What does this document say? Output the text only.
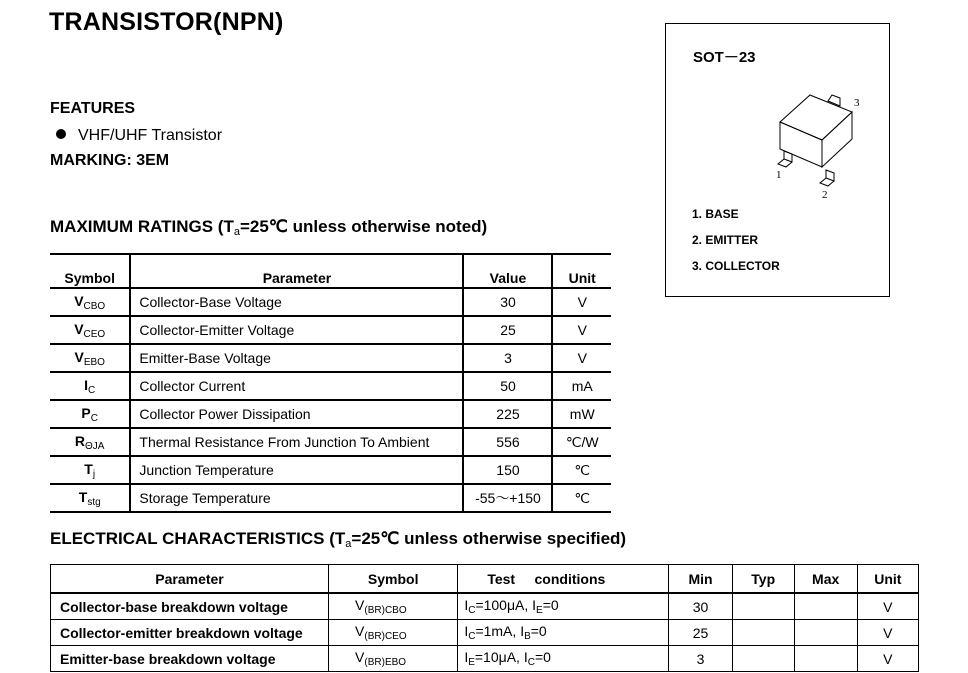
TRANSISTOR(NPN)
FEATURES
VHF/UHF Transistor
MARKING: 3EM
MAXIMUM RATINGS ($T_a=25℃$ unless otherwise noted)
Symbol	Parameter	Value	Unit
$V_{CBO}$	Collector-Base Voltage	30	V
$V_{CEO}$	Collector-Emitter Voltage	25	V
$V_{EBO}$	Emitter-Base Voltage	3	V
$I_C$	Collector Current	50	mA
$P_C$	Collector Power Dissipation	225	mW
$R_{\Theta JA}$	Thermal Resistance From Junction To Ambient	556	℃/W
$T_j$	Junction Temperature	150	℃
$T_{stg}$	Storage Temperature	-55～+150	℃
ELECTRICAL CHARACTERISTICS ($T_a=25℃$ unless otherwise specified)
Parameter	Symbol	Test     conditions	Min	Typ	Max	Unit
Collector-base breakdown voltage	$V_{(BR)CBO}$	$I_C=100\mu A$, $I_E=0$	30			V
Collector-emitter breakdown voltage	$V_{(BR)CEO}$	$I_C=1mA$, $I_B=0$	25			V
Emitter-base breakdown voltage	$V_{(BR)EBO}$	$I_E=10\mu A$, $I_C=0$	3			V
SOT－23
3
1
2
1. BASE
2. EMITTER
3. COLLECTOR
